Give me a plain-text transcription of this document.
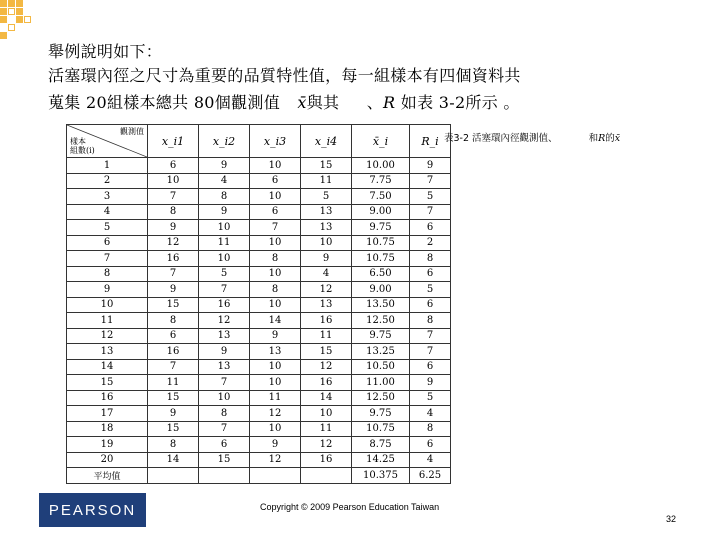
舉例說明如下：
活塞環內徑之尺寸為重要的品質特性值，每一組樣本有四個資料共
蒐集 20組樣本總共 80個觀測值 x̄與其 、R 如表 3-2所示 。
觀測值
樣本
組數(i)	x_i1	x_i2	x_i3	x_i4	x̄_i	R_i
1	6	9	10	15	10.00	9
2	10	4	6	11	7.75	7
3	7	8	10	5	7.50	5
4	8	9	6	13	9.00	7
5	9	10	7	13	9.75	6
6	12	11	10	10	10.75	2
7	16	10	8	9	10.75	8
8	7	5	10	4	6.50	6
9	9	7	8	12	9.00	5
10	15	16	10	13	13.50	6
11	8	12	14	16	12.50	8
12	6	13	9	11	9.75	7
13	16	9	13	15	13.25	7
14	7	13	10	12	10.50	6
15	11	7	10	16	11.00	9
16	15	10	11	14	12.50	5
17	9	8	12	10	9.75	4
18	15	7	10	11	10.75	8
19	8	6	9	12	8.75	6
20	14	15	12	16	14.25	4
平均值					10.375	6.25
表3-2 活塞環內徑觀測值、	和R的x̄
PEARSON	Copyright © 2009 Pearson Education Taiwan
32
